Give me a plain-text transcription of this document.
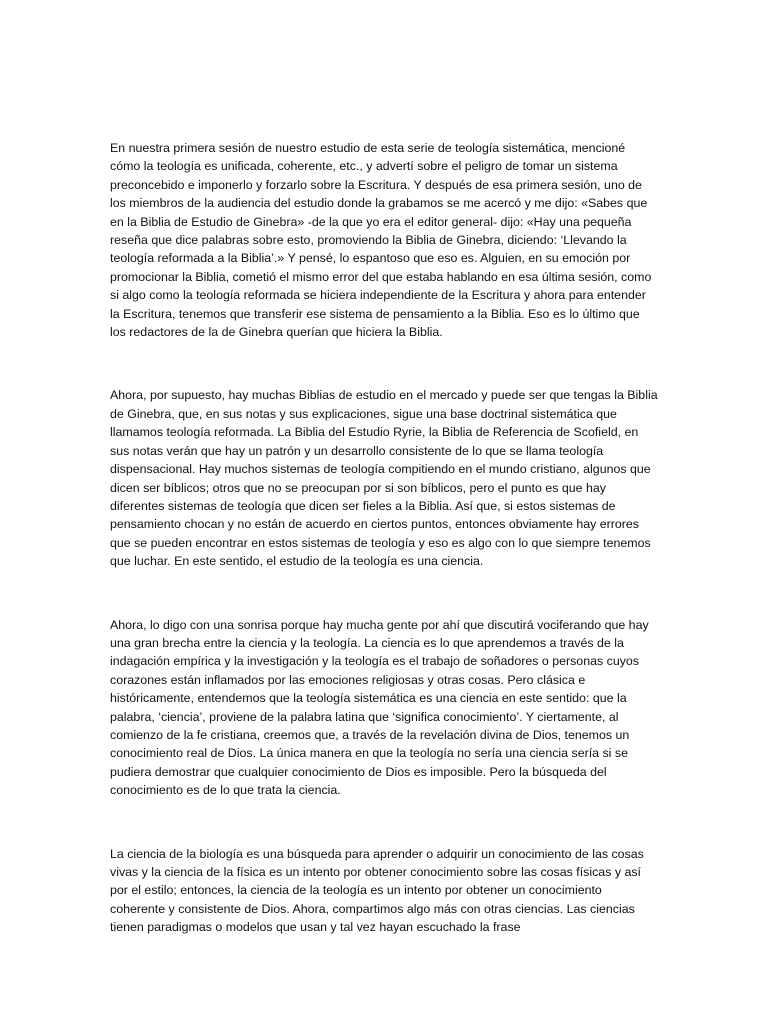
En nuestra primera sesión de nuestro estudio de esta serie de teología sistemática, mencioné cómo la teología es unificada, coherente, etc., y advertí sobre el peligro de tomar un sistema preconcebido e imponerlo y forzarlo sobre la Escritura. Y después de esa primera sesión, uno de los miembros de la audiencia del estudio donde la grabamos se me acercó y me dijo: «Sabes que en la Biblia de Estudio de Ginebra» -de la que yo era el editor general- dijo: «Hay una pequeña reseña que dice palabras sobre esto, promoviendo la Biblia de Ginebra, diciendo: ‘Llevando la teología reformada a la Biblia’.» Y pensé, lo espantoso que eso es. Alguien, en su emoción por promocionar la Biblia, cometió el mismo error del que estaba hablando en esa última sesión, como si algo como la teología reformada se hiciera independiente de la Escritura y ahora para entender la Escritura, tenemos que transferir ese sistema de pensamiento a la Biblia. Eso es lo último que los redactores de la de Ginebra querían que hiciera la Biblia.

Ahora, por supuesto, hay muchas Biblias de estudio en el mercado y puede ser que tengas la Biblia de Ginebra, que, en sus notas y sus explicaciones, sigue una base doctrinal sistemática que llamamos teología reformada. La Biblia del Estudio Ryrie, la Biblia de Referencia de Scofield, en sus notas verán que hay un patrón y un desarrollo consistente de lo que se llama teología dispensacional. Hay muchos sistemas de teología compitiendo en el mundo cristiano, algunos que dicen ser bíblicos; otros que no se preocupan por si son bíblicos, pero el punto es que hay diferentes sistemas de teología que dicen ser fieles a la Biblia. Así que, si estos sistemas de pensamiento chocan y no están de acuerdo en ciertos puntos, entonces obviamente hay errores que se pueden encontrar en estos sistemas de teología y eso es algo con lo que siempre tenemos que luchar. En este sentido, el estudio de la teología es una ciencia.

Ahora, lo digo con una sonrisa porque hay mucha gente por ahí que discutirá vociferando que hay una gran brecha entre la ciencia y la teología. La ciencia es lo que aprendemos a través de la indagación empírica y la investigación y la teología es el trabajo de soñadores o personas cuyos corazones están inflamados por las emociones religiosas y otras cosas. Pero clásica e históricamente, entendemos que la teología sistemática es una ciencia en este sentido: que la palabra, ‘ciencia’, proviene de la palabra latina que ‘significa conocimiento’. Y ciertamente, al comienzo de la fe cristiana, creemos que, a través de la revelación divina de Dios, tenemos un conocimiento real de Dios. La única manera en que la teología no sería una ciencia sería si se pudiera demostrar que cualquier conocimiento de Dios es imposible. Pero la búsqueda del conocimiento es de lo que trata la ciencia.

La ciencia de la biología es una búsqueda para aprender o adquirir un conocimiento de las cosas vivas y la ciencia de la física es un intento por obtener conocimiento sobre las cosas físicas y así por el estilo; entonces, la ciencia de la teología es un intento por obtener un conocimiento coherente y consistente de Dios. Ahora, compartimos algo más con otras ciencias. Las ciencias tienen paradigmas o modelos que usan y tal vez hayan escuchado la frase
